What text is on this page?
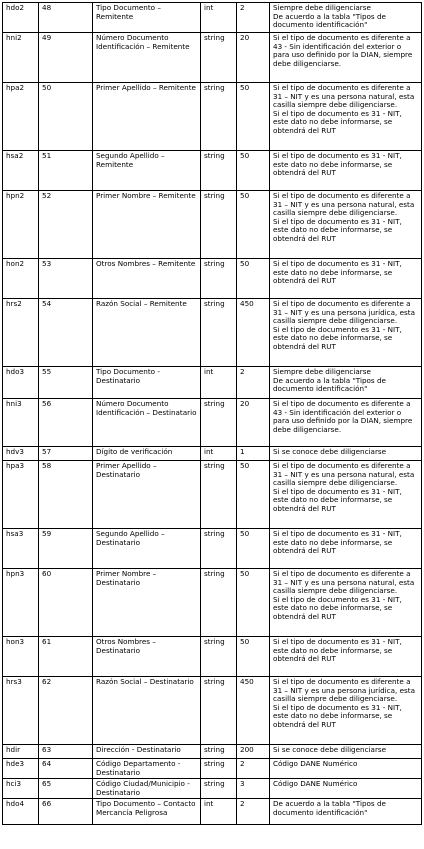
hdo2	48	Tipo Documento –
Remitente	int	2	Siempre debe diligenciarse
De acuerdo a la tabla "Tipos de documento identificación"
hni2	49	Número Documento
Identificación – Remitente	string	20	Si el tipo de documento es diferente a 43 - Sin identificación del exterior o para uso definido por la DIAN, siempre debe diligenciarse.
hpa2	50	Primer Apellido – Remitente	string	50	Si el tipo de documento es diferente a 31 – NIT y es una persona natural, esta casilla siempre debe diligenciarse.
Si el tipo de documento es 31 - NIT, este dato no debe informarse, se obtendrá del RUT
hsa2	51	Segundo Apellido –
Remitente	string	50	Si el tipo de documento es 31 - NIT, este dato no debe informarse, se obtendrá del RUT
hpn2	52	Primer Nombre – Remitente	string	50	Si el tipo de documento es diferente a 31 – NIT y es una persona natural, esta casilla siempre debe diligenciarse.
Si el tipo de documento es 31 - NIT, este dato no debe informarse, se obtendrá del RUT
hon2	53	Otros Nombres – Remitente	string	50	Si el tipo de documento es 31 - NIT, este dato no debe informarse, se obtendrá del RUT
hrs2	54	Razón Social – Remitente	string	450	Si el tipo de documento es diferente a 31 – NIT y es una persona jurídica, esta casilla siempre debe diligenciarse.
Si el tipo de documento es 31 - NIT, este dato no debe informarse, se obtendrá del RUT
hdo3	55	Tipo Documento -
Destinatario	int	2	Siempre debe diligenciarse
De acuerdo a la tabla "Tipos de documento identificación"
hni3	56	Número Documento
Identificación – Destinatario	string	20	Si el tipo de documento es diferente a 43 - Sin identificación del exterior o para uso definido por la DIAN, siempre debe diligenciarse.
hdv3	57	Dígito de verificación	int	1	Si se conoce debe diligenciarse
hpa3	58	Primer Apellido –
Destinatario	string	50	Si el tipo de documento es diferente a 31 – NIT y es una persona natural, esta casilla siempre debe diligenciarse.
Si el tipo de documento es 31 - NIT, este dato no debe informarse, se obtendrá del RUT
hsa3	59	Segundo Apellido –
Destinatario	string	50	Si el tipo de documento es 31 - NIT, este dato no debe informarse, se obtendrá del RUT
hpn3	60	Primer Nombre –
Destinatario	string	50	Si el tipo de documento es diferente a 31 – NIT y es una persona natural, esta casilla siempre debe diligenciarse.
Si el tipo de documento es 31 - NIT, este dato no debe informarse, se obtendrá del RUT
hon3	61	Otros Nombres –
Destinatario	string	50	Si el tipo de documento es 31 - NIT, este dato no debe informarse, se obtendrá del RUT
hrs3	62	Razón Social – Destinatario	string	450	Si el tipo de documento es diferente a 31 – NIT y es una persona jurídica, esta casilla siempre debe diligenciarse.
Si el tipo de documento es 31 - NIT, este dato no debe informarse, se obtendrá del RUT
hdir	63	Dirección - Destinatario	string	200	Si se conoce debe diligenciarse
hde3	64	Código Departamento -
Destinatario	string	2	Código DANE Numérico
hci3	65	Código Ciudad/Municipio -
Destinatario	string	3	Código DANE Numérico
hdo4	66	Tipo Documento – Contacto
Mercancía Peligrosa	int	2	De acuerdo a la tabla "Tipos de documento identificación"
